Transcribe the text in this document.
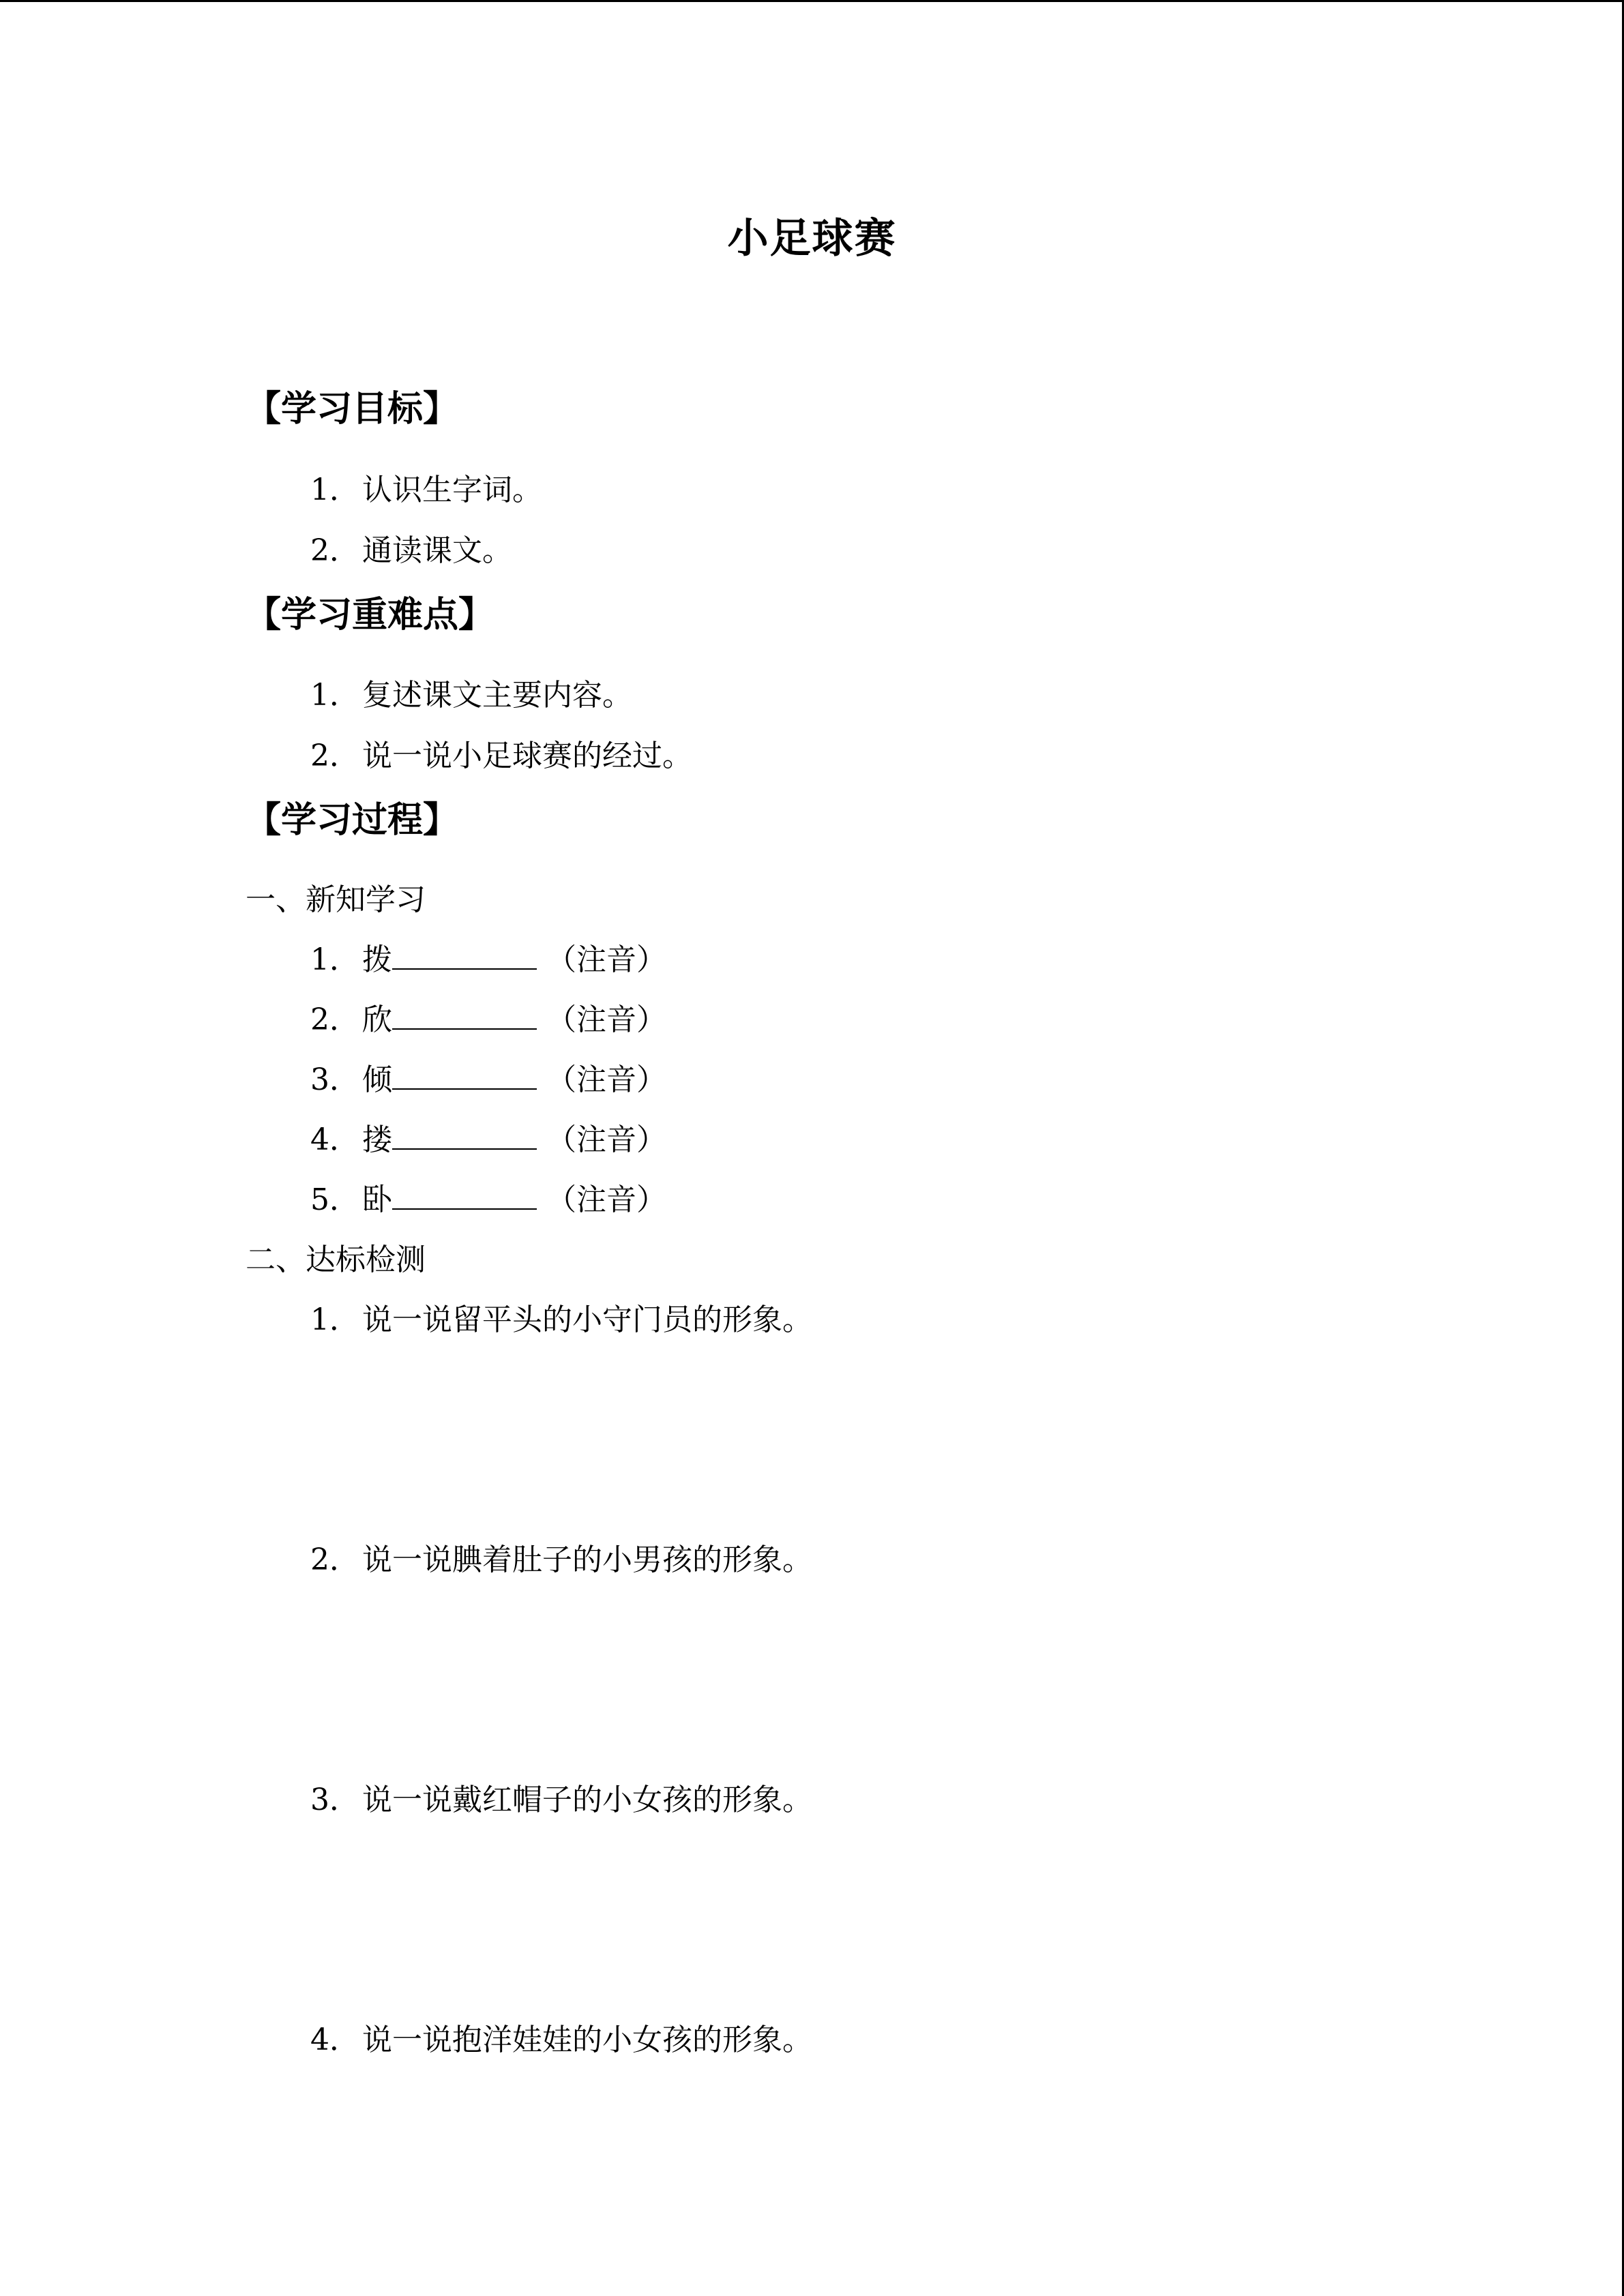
小足球赛
【学习目标】
1．认识生字词。
2．通读课文。
【学习重难点】
1．复述课文主要内容。
2．说一说小足球赛的经过。
【学习过程】
一、新知学习
1．拨	（注音）
2．欣	（注音）
3．倾	（注音）
4．搂	（注音）
5．卧	（注音）
二、达标检测
1．说一说留平头的小守门员的形象。
2．说一说腆着肚子的小男孩的形象。
3．说一说戴红帽子的小女孩的形象。
4．说一说抱洋娃娃的小女孩的形象。
